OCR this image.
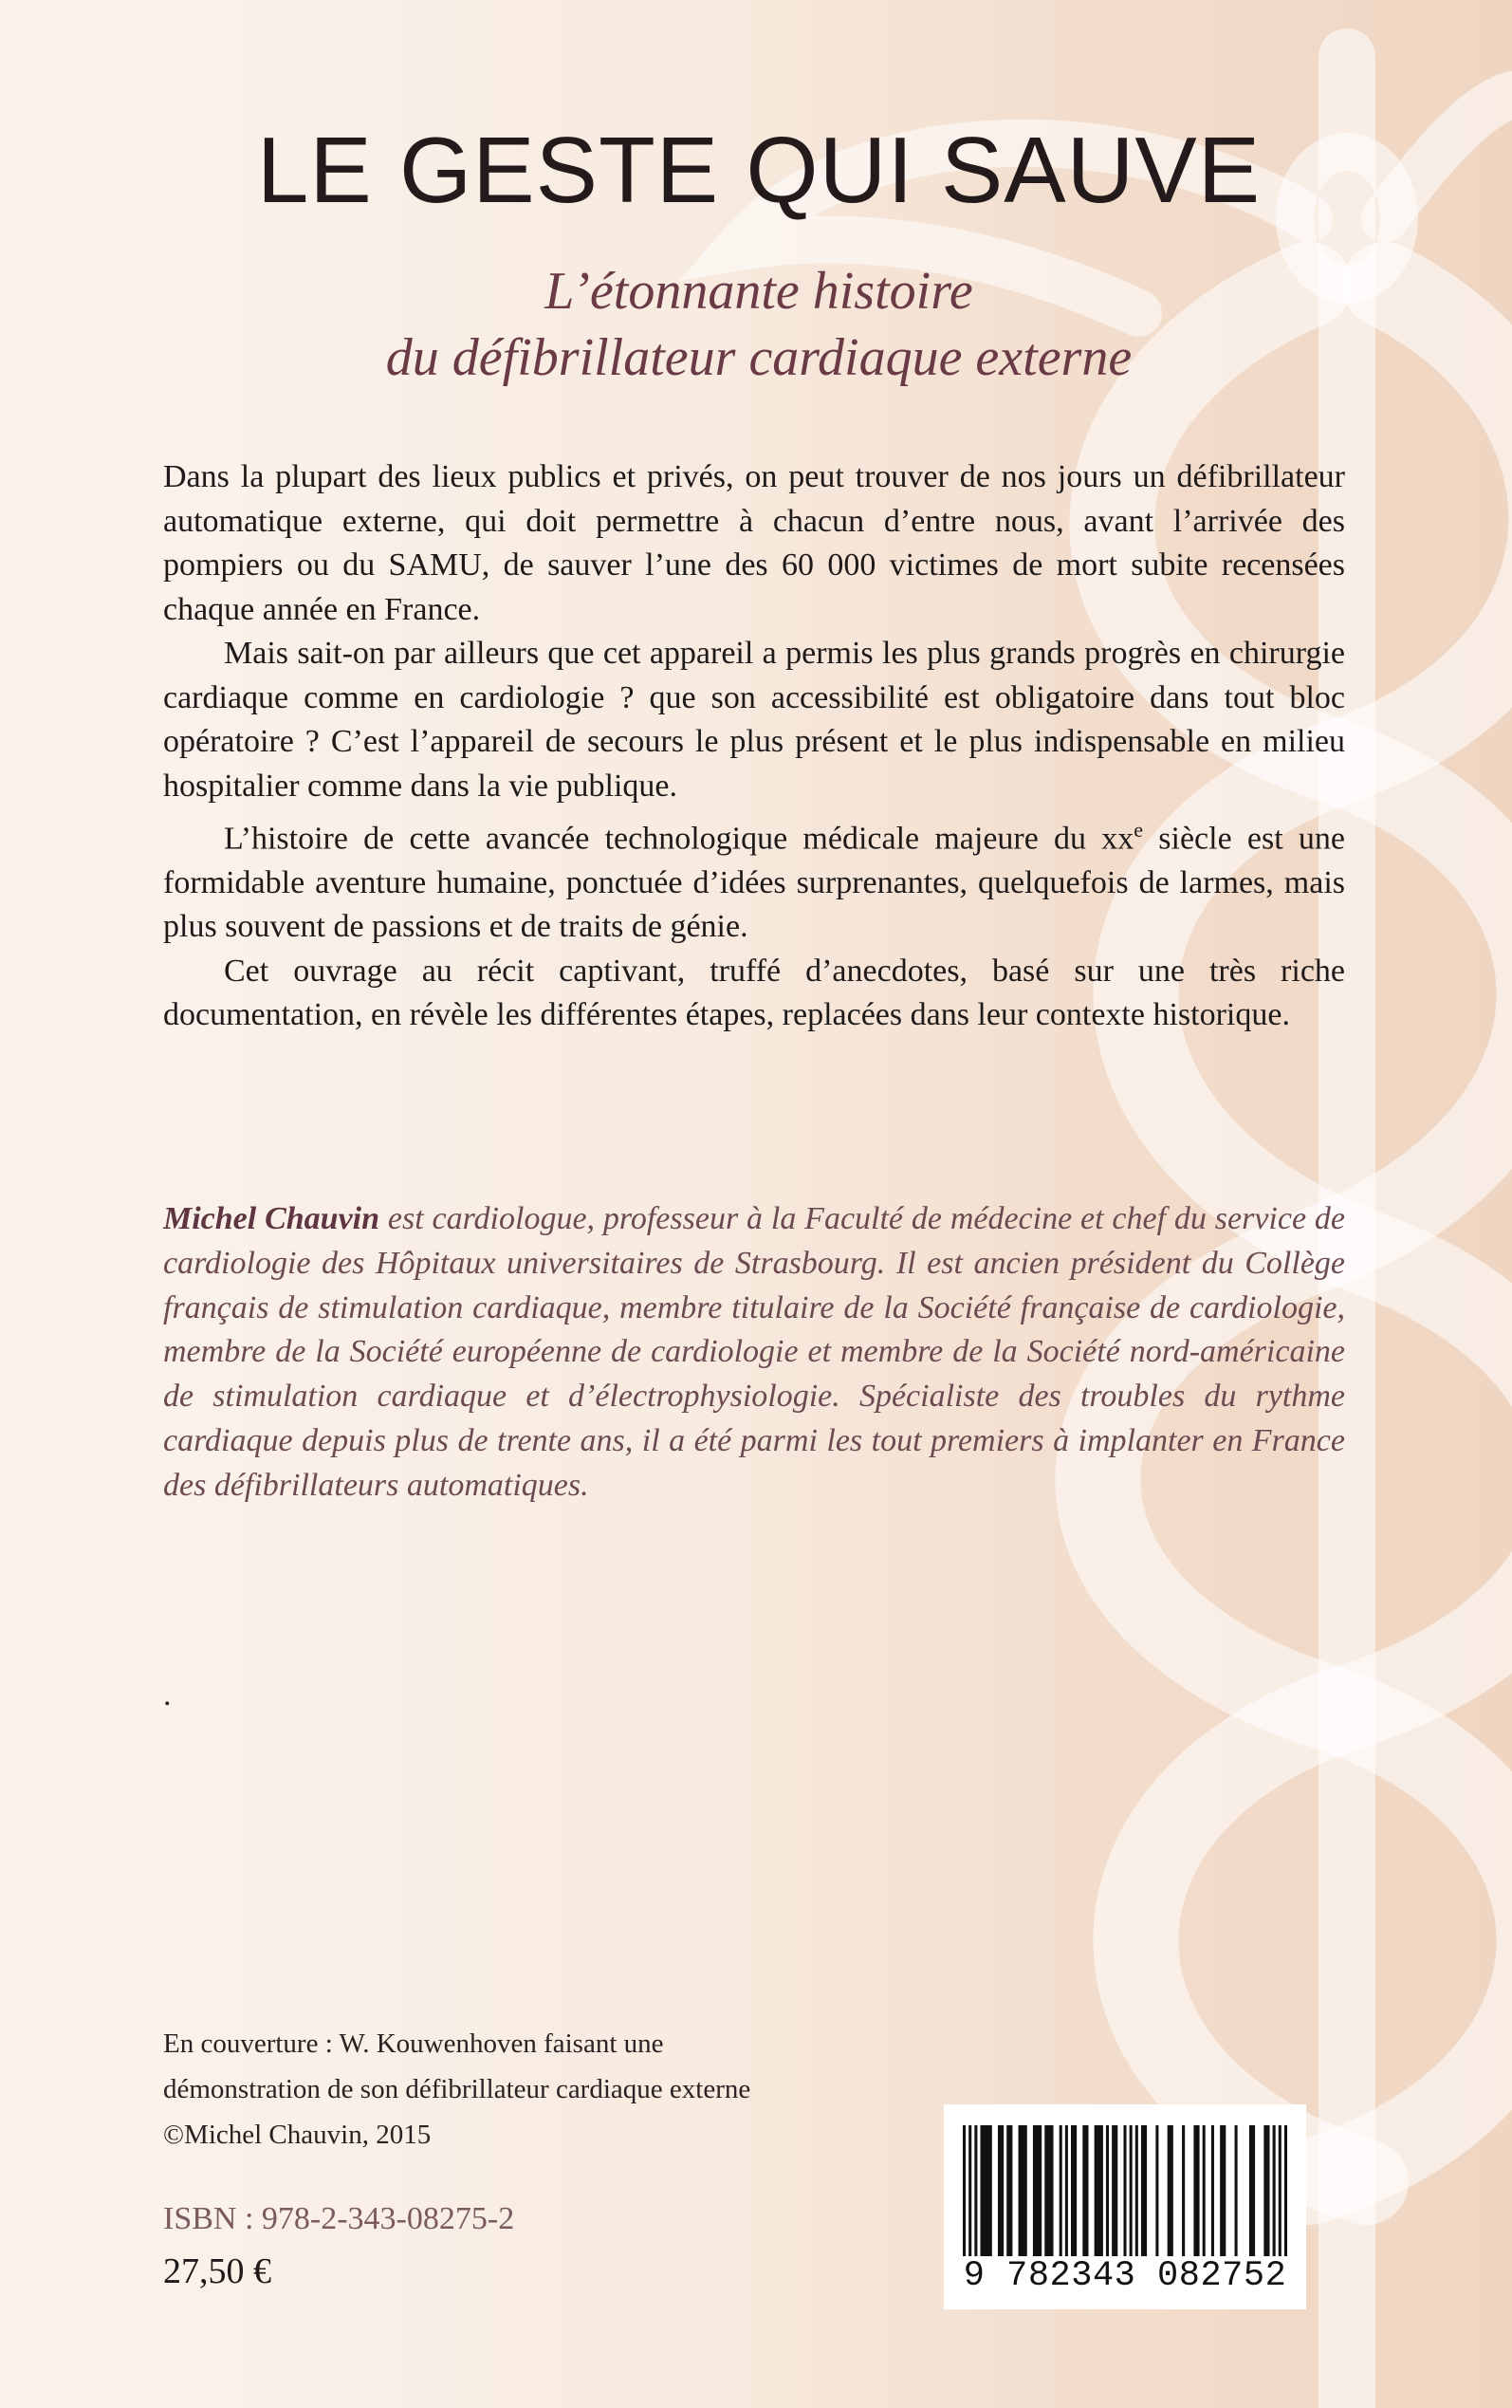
LE GESTE QUI SAUVE
L’étonnante histoire
du défibrillateur cardiaque externe

Dans la plupart des lieux publics et privés, on peut trouver de nos jours un défibrillateur automatique externe, qui doit permettre à chacun d’entre nous, avant l’arrivée des pompiers ou du SAMU, de sauver l’une des 60 000 victimes de mort subite recensées chaque année en France.

Mais sait-on par ailleurs que cet appareil a permis les plus grands progrès en chirurgie cardiaque comme en cardiologie ? que son accessibilité est obligatoire dans tout bloc opératoire ? C’est l’appareil de secours le plus présent et le plus indispensable en milieu hospitalier comme dans la vie publique.

L’histoire de cette avancée technologique médicale majeure du $xx^e$ siècle est une formidable aventure humaine, ponctuée d’idées surprenantes, quelquefois de larmes, mais plus souvent de passions et de traits de génie.

Cet ouvrage au récit captivant, truffé d’anecdotes, basé sur une très riche documentation, en révèle les différentes étapes, replacées dans leur contexte historique.

Michel Chauvin est cardiologue, professeur à la Faculté de médecine et chef du service de cardiologie des Hôpitaux universitaires de Strasbourg. Il est ancien président du Collège français de stimulation cardiaque, membre titulaire de la Société française de cardiologie, membre de la Société européenne de cardiologie et membre de la Société nord-américaine de stimulation cardiaque et d’électrophysiologie. Spécialiste des troubles du rythme cardiaque depuis plus de trente ans, il a été parmi les tout premiers à implanter en France des défibrillateurs automatiques.
.
En couverture : W. Kouwenhoven faisant une
démonstration de son défibrillateur cardiaque externe
©Michel Chauvin, 2015
ISBN : 978-2-343-08275-2
27,50 €	9 782343 082752
